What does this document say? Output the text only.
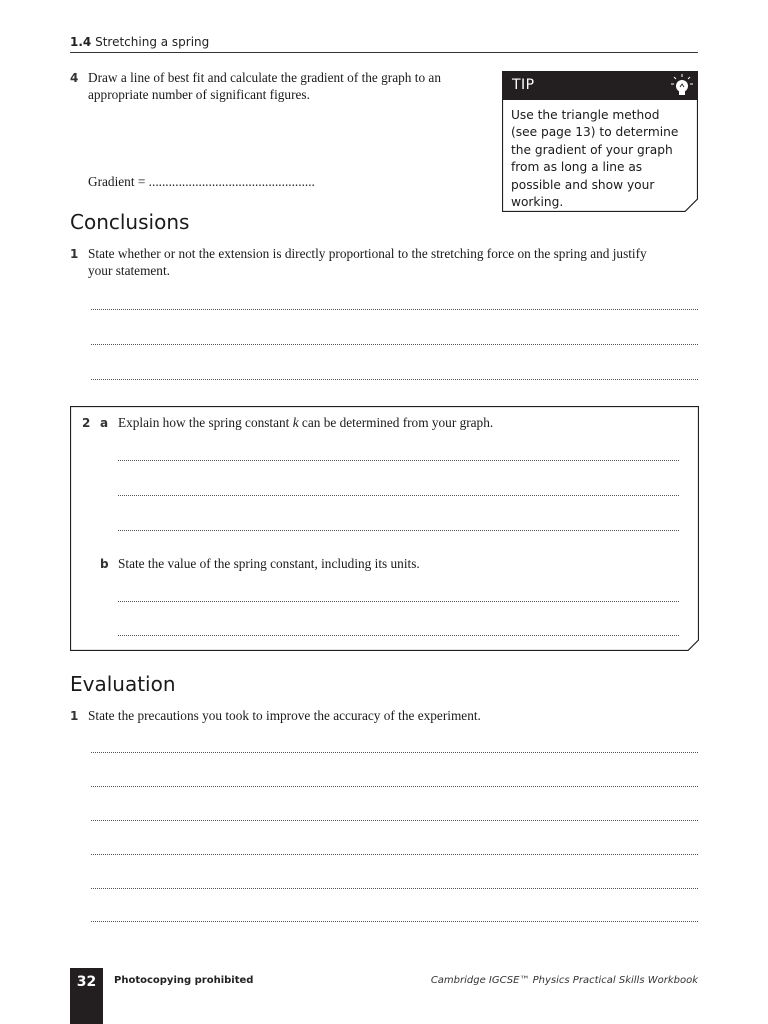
1.4 Stretching a spring
4 Draw a line of best fit and calculate the gradient of the graph to an
appropriate number of significant figures.
Gradient = ..................................................
TIP
Use the triangle method
(see page 13) to determine
the gradient of your graph
from as long a line as
possible and show your
working.
Conclusions
1 State whether or not the extension is directly proportional to the stretching force on the spring and justify
your statement.
2 a Explain how the spring constant k can be determined from your graph.
b State the value of the spring constant, including its units.
Evaluation
1 State the precautions you took to improve the accuracy of the experiment.
32	Photocopying prohibited	Cambridge IGCSE™ Physics Practical Skills Workbook
